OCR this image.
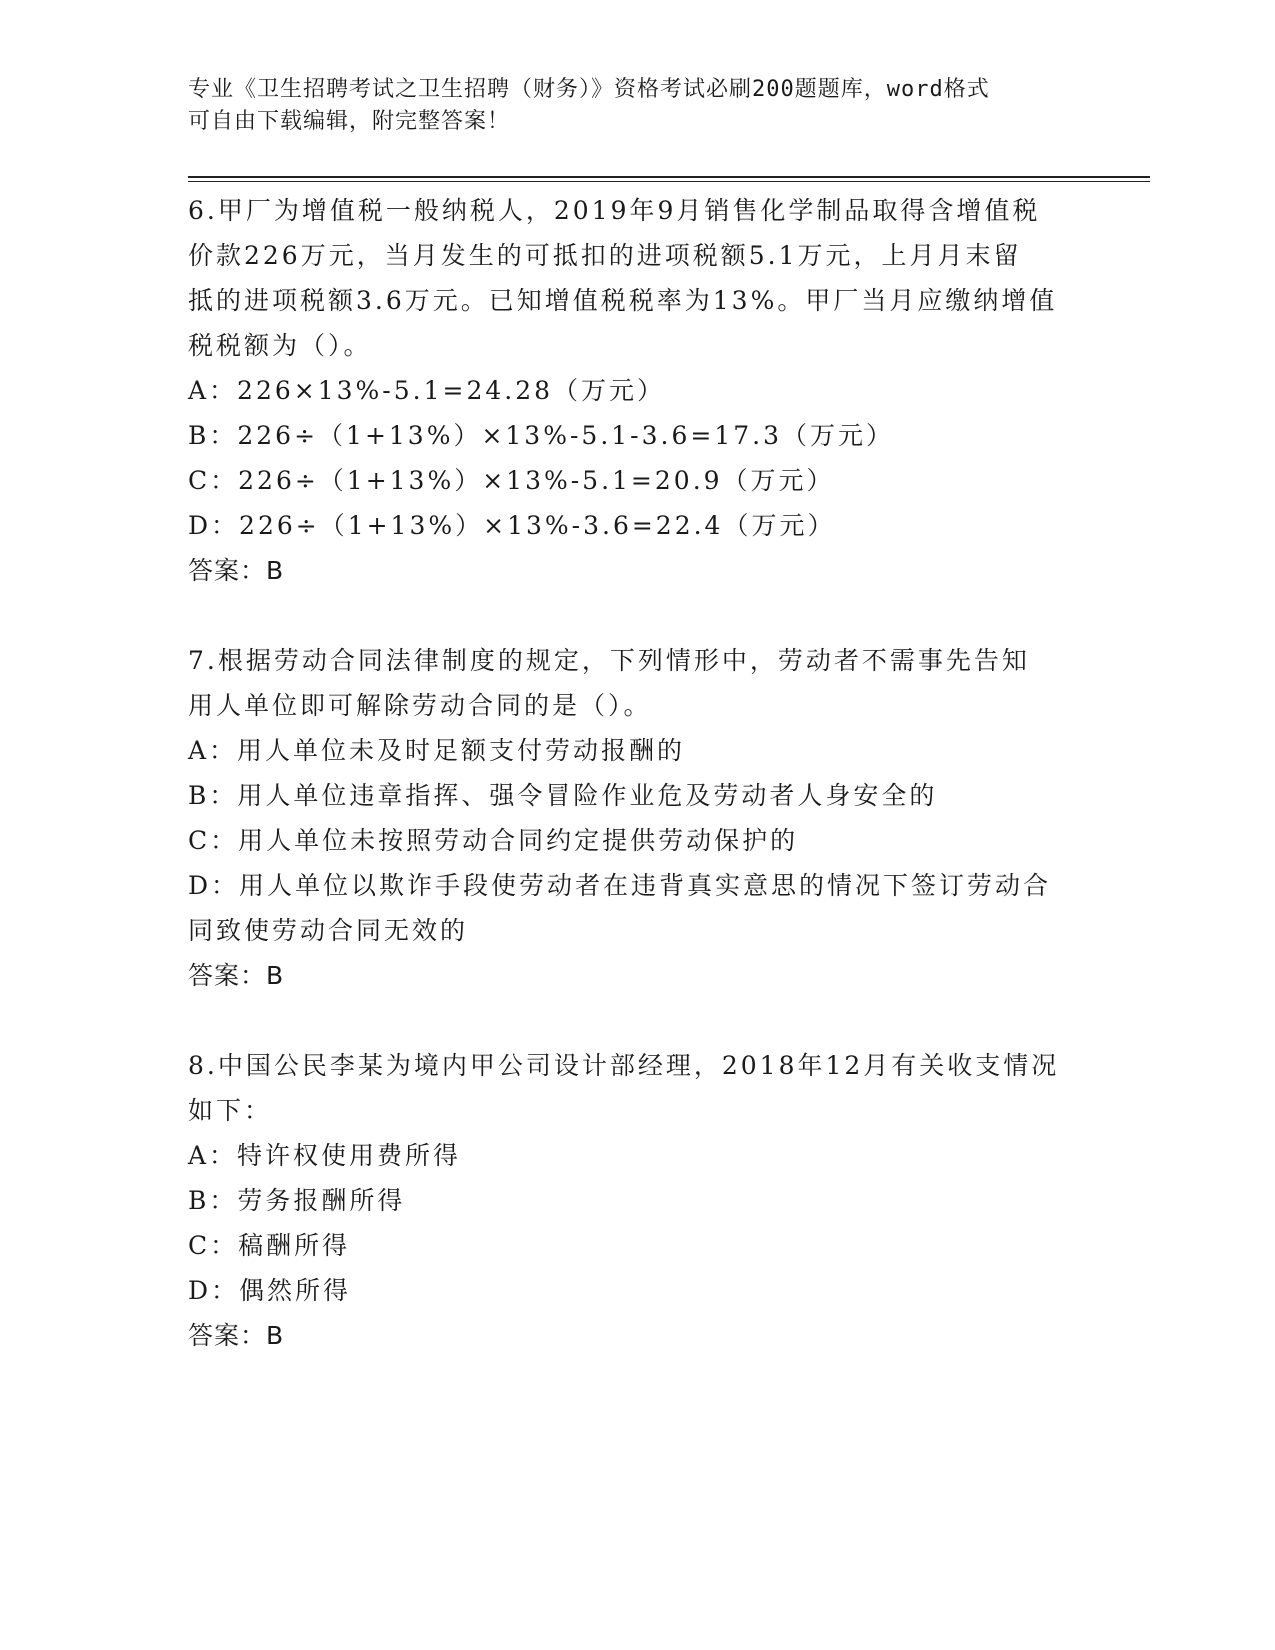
专业《卫生招聘考试之卫生招聘（财务）》资格考试必刷200题题库，word格式

可自由下载编辑，附完整答案！

6.甲厂为增值税一般纳税人，2019年9月销售化学制品取得含增值税

价款226万元，当月发生的可抵扣的进项税额5.1万元，上月月末留

抵的进项税额3.6万元。已知增值税税率为13%。甲厂当月应缴纳增值

税税额为（）。

A：226×13%-5.1=24.28（万元）

B：226÷（1+13%）×13%-5.1-3.6=17.3（万元）

C：226÷（1+13%）×13%-5.1=20.9（万元）

D：226÷（1+13%）×13%-3.6=22.4（万元）

答案：B

7.根据劳动合同法律制度的规定，下列情形中，劳动者不需事先告知

用人单位即可解除劳动合同的是（）。

A：用人单位未及时足额支付劳动报酬的

B：用人单位违章指挥、强令冒险作业危及劳动者人身安全的

C：用人单位未按照劳动合同约定提供劳动保护的

D：用人单位以欺诈手段使劳动者在违背真实意思的情况下签订劳动合

同致使劳动合同无效的

答案：B

8.中国公民李某为境内甲公司设计部经理，2018年12月有关收支情况

如下：

A：特许权使用费所得

B：劳务报酬所得

C：稿酬所得

D：偶然所得

答案：B
